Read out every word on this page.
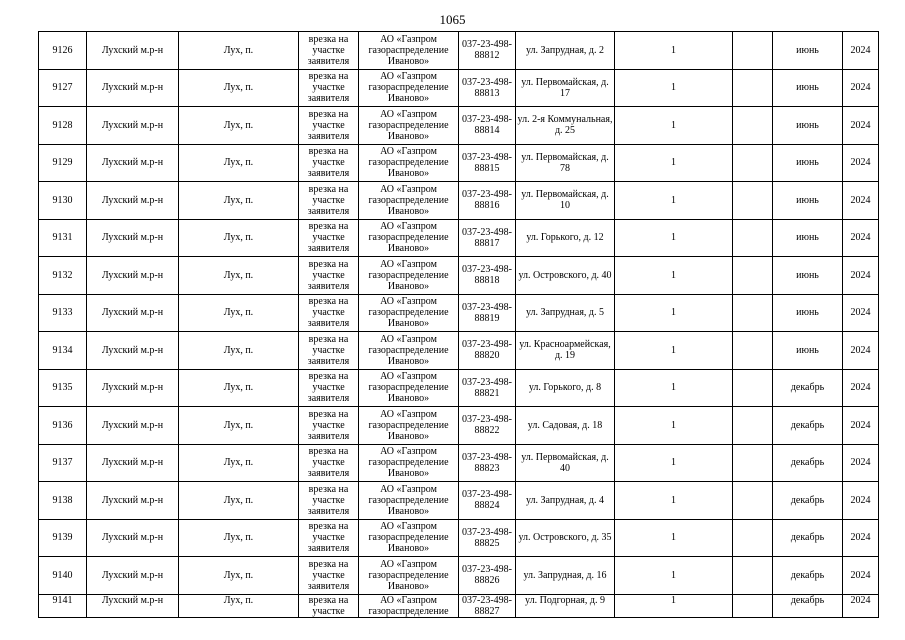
1065
9126	Лухский м.р-н	Лух, п.	врезка на участке заявителя	АО «Газпром газораспределение Иваново»	037-23-498-88812	ул. Запрудная, д. 2	1		июнь	2024
9127	Лухский м.р-н	Лух, п.	врезка на участке заявителя	АО «Газпром газораспределение Иваново»	037-23-498-88813	ул. Первомайская, д. 17	1		июнь	2024
9128	Лухский м.р-н	Лух, п.	врезка на участке заявителя	АО «Газпром газораспределение Иваново»	037-23-498-88814	ул. 2-я Коммунальная, д. 25	1		июнь	2024
9129	Лухский м.р-н	Лух, п.	врезка на участке заявителя	АО «Газпром газораспределение Иваново»	037-23-498-88815	ул. Первомайская, д. 78	1		июнь	2024
9130	Лухский м.р-н	Лух, п.	врезка на участке заявителя	АО «Газпром газораспределение Иваново»	037-23-498-88816	ул. Первомайская, д. 10	1		июнь	2024
9131	Лухский м.р-н	Лух, п.	врезка на участке заявителя	АО «Газпром газораспределение Иваново»	037-23-498-88817	ул. Горького, д. 12	1		июнь	2024
9132	Лухский м.р-н	Лух, п.	врезка на участке заявителя	АО «Газпром газораспределение Иваново»	037-23-498-88818	ул. Островского, д. 40	1		июнь	2024
9133	Лухский м.р-н	Лух, п.	врезка на участке заявителя	АО «Газпром газораспределение Иваново»	037-23-498-88819	ул. Запрудная, д. 5	1		июнь	2024
9134	Лухский м.р-н	Лух, п.	врезка на участке заявителя	АО «Газпром газораспределение Иваново»	037-23-498-88820	ул. Красноармейская, д. 19	1		июнь	2024
9135	Лухский м.р-н	Лух, п.	врезка на участке заявителя	АО «Газпром газораспределение Иваново»	037-23-498-88821	ул. Горького, д. 8	1		декабрь	2024
9136	Лухский м.р-н	Лух, п.	врезка на участке заявителя	АО «Газпром газораспределение Иваново»	037-23-498-88822	ул. Садовая, д. 18	1		декабрь	2024
9137	Лухский м.р-н	Лух, п.	врезка на участке заявителя	АО «Газпром газораспределение Иваново»	037-23-498-88823	ул. Первомайская, д. 40	1		декабрь	2024
9138	Лухский м.р-н	Лух, п.	врезка на участке заявителя	АО «Газпром газораспределение Иваново»	037-23-498-88824	ул. Запрудная, д. 4	1		декабрь	2024
9139	Лухский м.р-н	Лух, п.	врезка на участке заявителя	АО «Газпром газораспределение Иваново»	037-23-498-88825	ул. Островского, д. 35	1		декабрь	2024
9140	Лухский м.р-н	Лух, п.	врезка на участке заявителя	АО «Газпром газораспределение Иваново»	037-23-498-88826	ул. Запрудная, д. 16	1		декабрь	2024
9141	Лухский м.р-н	Лух, п.	врезка на участке	АО «Газпром газораспределение	037-23-498-88827	ул. Подгорная, д. 9	1		декабрь	2024
